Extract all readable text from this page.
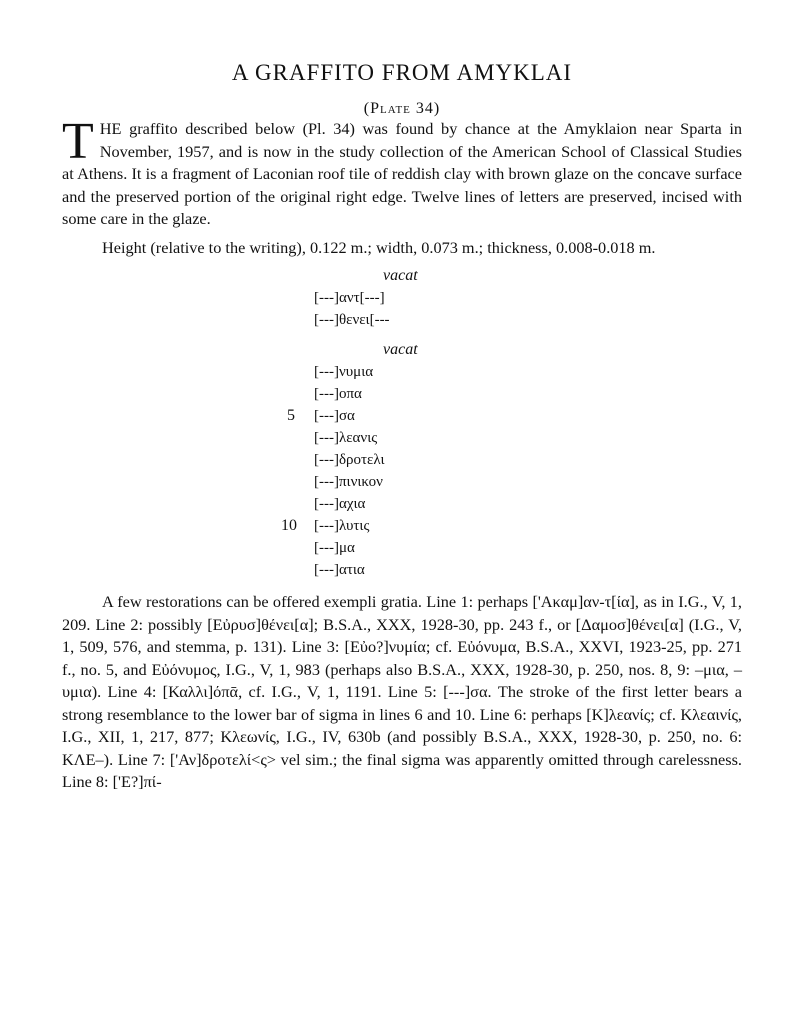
A GRAFFITO FROM AMYKLAI
(Plate 34)

THE graffito described below (Pl. 34) was found by chance at the Amyklaion near Sparta in November, 1957, and is now in the study collection of the American School of Classical Studies at Athens. It is a fragment of Laconian roof tile of reddish clay with brown glaze on the concave surface and the preserved portion of the original right edge. Twelve lines of letters are preserved, incised with some care in the glaze.

Height (relative to the writing), 0.122 m.; width, 0.073 m.; thickness, 0.008-0.018 m.

vacat
[---]αντ[---]
[---]θενει[---
vacat
[---]νυμια
[---]οπα
5 [---]σα
[---]λεανις
[---]δροτελι
[---]πινικον
[---]αχια
10 [---]λυτις
[---]μα
[---]ατια

A few restorations can be offered exempli gratia. Line 1: perhaps ['Ακαμ]αν-τ[ία], as in I.G., V, 1, 209. Line 2: possibly [Εὐρυσ]θένει[α]; B.S.A., XXX, 1928-30, pp. 243 f., or [Δαμοσ]θένει[α] (I.G., V, 1, 509, 576, and stemma, p. 131). Line 3: [Εὐο?]νυμία; cf. Εὐόνυμα, B.S.A., XXVI, 1923-25, pp. 271 f., no. 5, and Εὐόνυμος, I.G., V, 1, 983 (perhaps also B.S.A., XXX, 1928-30, p. 250, nos. 8, 9: –μια, –υμια). Line 4: [Καλλι]όπᾱ, cf. I.G., V, 1, 1191. Line 5: [---]σα. The stroke of the first letter bears a strong resemblance to the lower bar of sigma in lines 6 and 10. Line 6: perhaps [Κ]λεανίς; cf. Κλεαινίς, I.G., XII, 1, 217, 877; Κλεωνίς, I.G., IV, 630b (and possibly B.S.A., XXX, 1928-30, p. 250, no. 6: ΚΛΕ–). Line 7: ['Αν]δροτελί<ς> vel sim.; the final sigma was apparently omitted through carelessness. Line 8: ['Ε?]πί-
